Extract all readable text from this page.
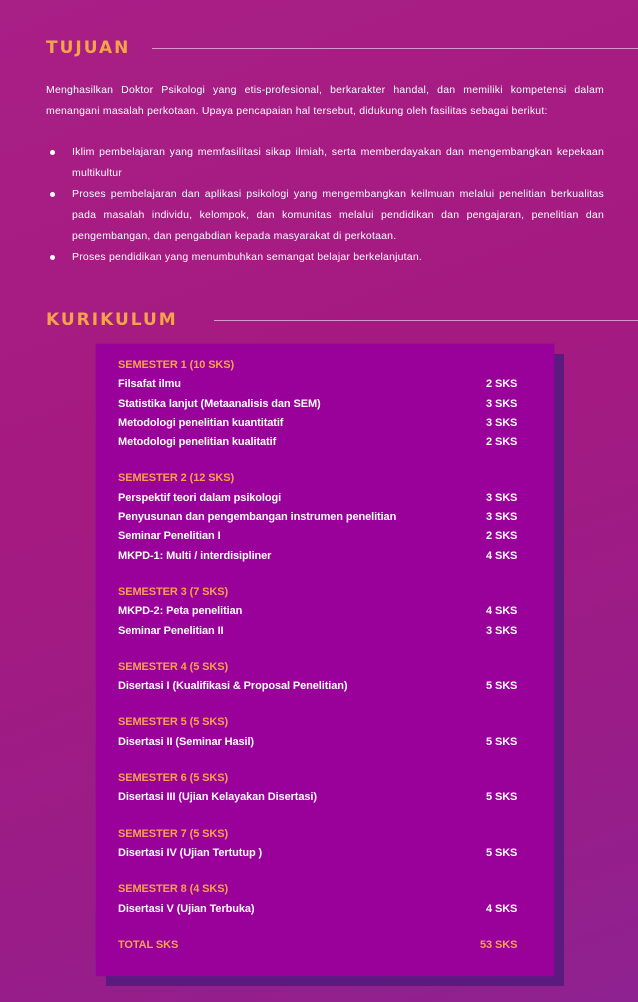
TUJUAN

Menghasilkan Doktor Psikologi yang etis-profesional, berkarakter handal, dan memiliki kompetensi dalam menangani masalah perkotaan. Upaya pencapaian hal tersebut, didukung oleh fasilitas sebagai berikut:

Iklim pembelajaran yang memfasilitasi sikap ilmiah, serta memberdayakan dan mengembangkan kepekaan multikultur
Proses pembelajaran dan aplikasi psikologi yang mengembangkan keilmuan melalui penelitian berkualitas pada masalah individu, kelompok, dan komunitas melalui pendidikan dan pengajaran, penelitian dan pengembangan, dan pengabdian kepada masyarakat di perkotaan.
Proses pendidikan yang menumbuhkan semangat belajar berkelanjutan.
KURIKULUM
SEMESTER 1 (10 SKS)
Filsafat ilmu	2 SKS
Statistika lanjut (Metaanalisis dan SEM)	3 SKS
Metodologi penelitian kuantitatif	3 SKS
Metodologi penelitian kualitatif	2 SKS
SEMESTER 2 (12 SKS)
Perspektif teori dalam psikologi	3 SKS
Penyusunan dan pengembangan instrumen penelitian	3 SKS
Seminar Penelitian I	2 SKS
MKPD-1: Multi / interdisipliner	4 SKS
SEMESTER 3 (7 SKS)
MKPD-2: Peta penelitian	4 SKS
Seminar Penelitian II	3 SKS
SEMESTER 4 (5 SKS)
Disertasi I (Kualifikasi & Proposal Penelitian)	5 SKS
SEMESTER 5 (5 SKS)
Disertasi II (Seminar Hasil)	5 SKS
SEMESTER 6 (5 SKS)
Disertasi III (Ujian Kelayakan Disertasi)	5 SKS
SEMESTER 7 (5 SKS)
Disertasi IV (Ujian Tertutup )	5 SKS
SEMESTER 8 (4 SKS)
Disertasi V (Ujian Terbuka)	4 SKS
TOTAL SKS	53 SKS
